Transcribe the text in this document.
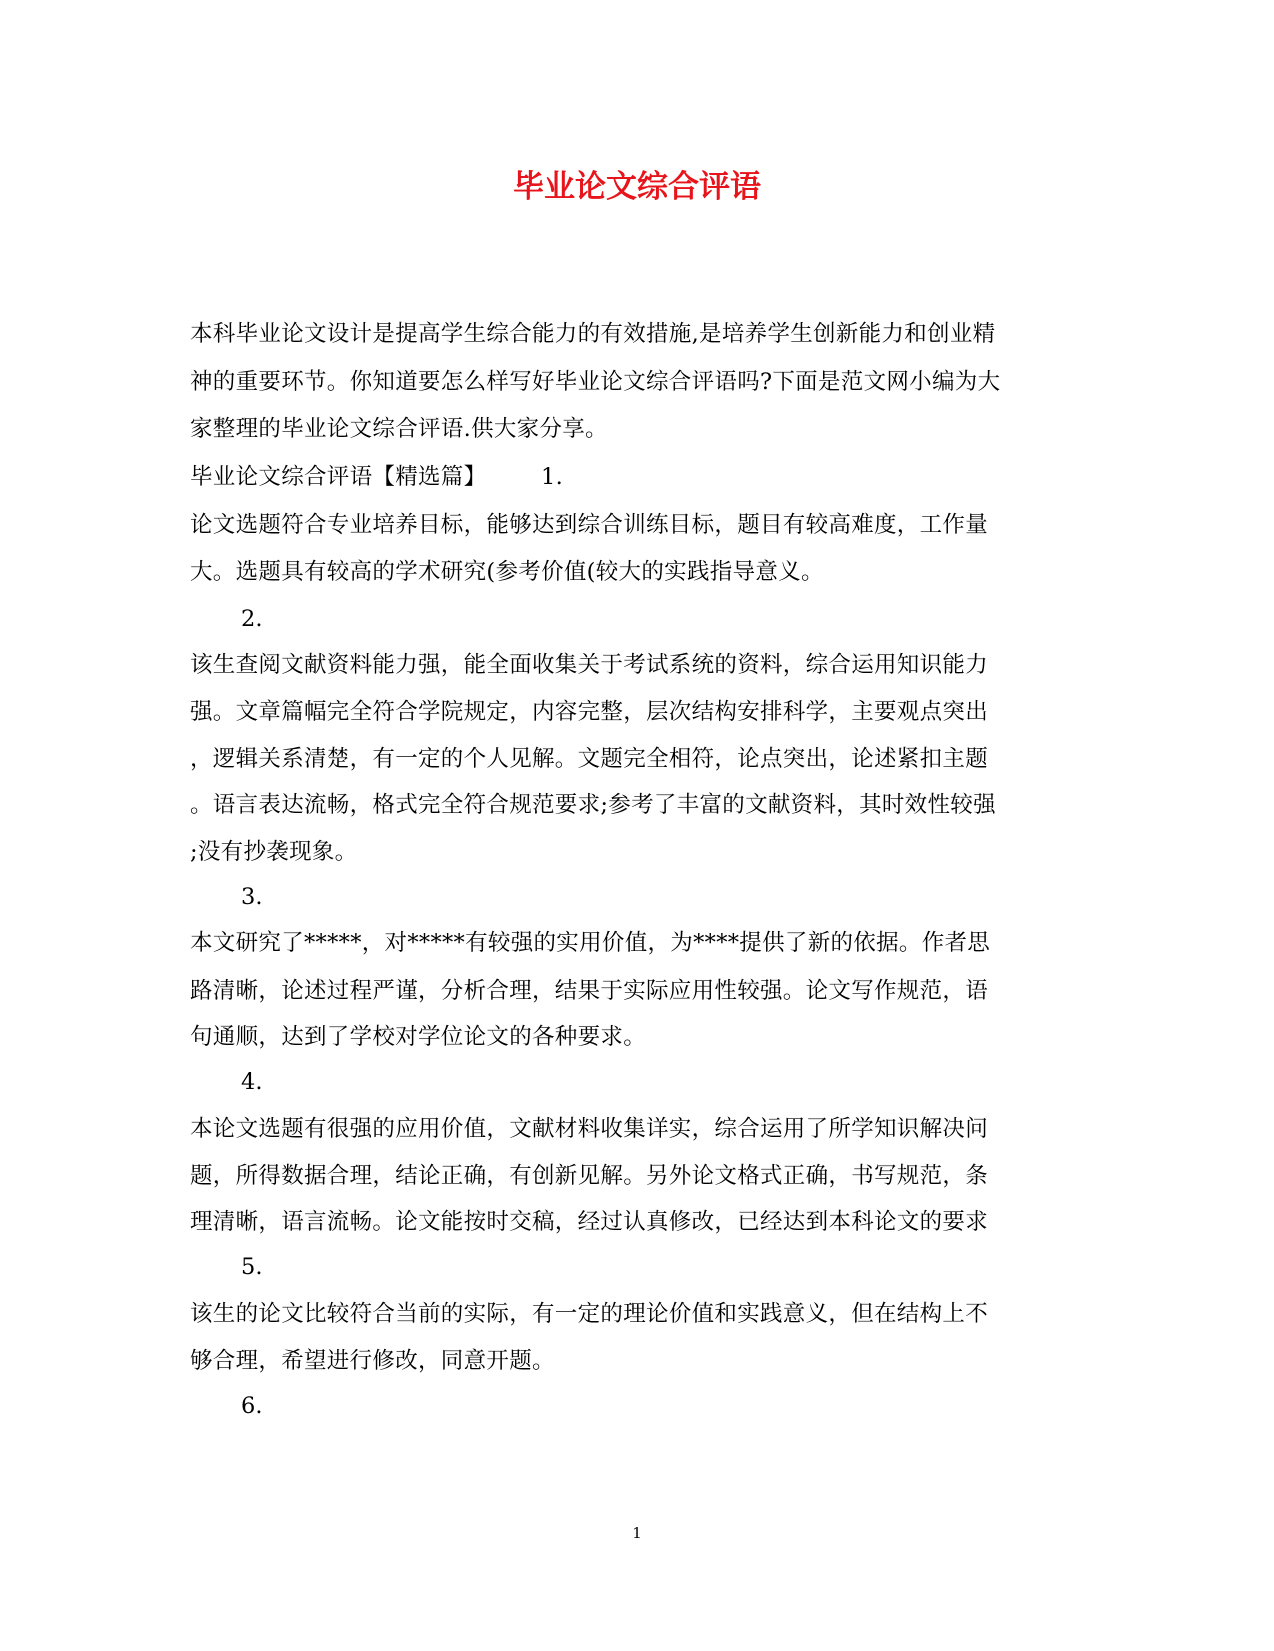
毕业论文综合评语
本科毕业论文设计是提高学生综合能力的有效措施,是培养学生创新能力和创业精
神的重要环节。你知道要怎么样写好毕业论文综合评语吗?下面是范文网小编为大
家整理的毕业论文综合评语.供大家分享。
毕业论文综合评语【精选篇】 1.
论文选题符合专业培养目标，能够达到综合训练目标，题目有较高难度，工作量
大。选题具有较高的学术研究(参考价值(较大的实践指导意义。
2.
该生查阅文献资料能力强，能全面收集关于考试系统的资料，综合运用知识能力
强。文章篇幅完全符合学院规定，内容完整，层次结构安排科学，主要观点突出
，逻辑关系清楚，有一定的个人见解。文题完全相符，论点突出，论述紧扣主题
。语言表达流畅，格式完全符合规范要求;参考了丰富的文献资料，其时效性较强
;没有抄袭现象。
3.
本文研究了*****，对*****有较强的实用价值，为****提供了新的依据。作者思
路清晰，论述过程严谨，分析合理，结果于实际应用性较强。论文写作规范，语
句通顺，达到了学校对学位论文的各种要求。
4.
本论文选题有很强的应用价值，文献材料收集详实，综合运用了所学知识解决问
题，所得数据合理，结论正确，有创新见解。另外论文格式正确，书写规范，条
理清晰，语言流畅。论文能按时交稿，经过认真修改，已经达到本科论文的要求
5.
该生的论文比较符合当前的实际，有一定的理论价值和实践意义，但在结构上不
够合理，希望进行修改，同意开题。
6.
1
